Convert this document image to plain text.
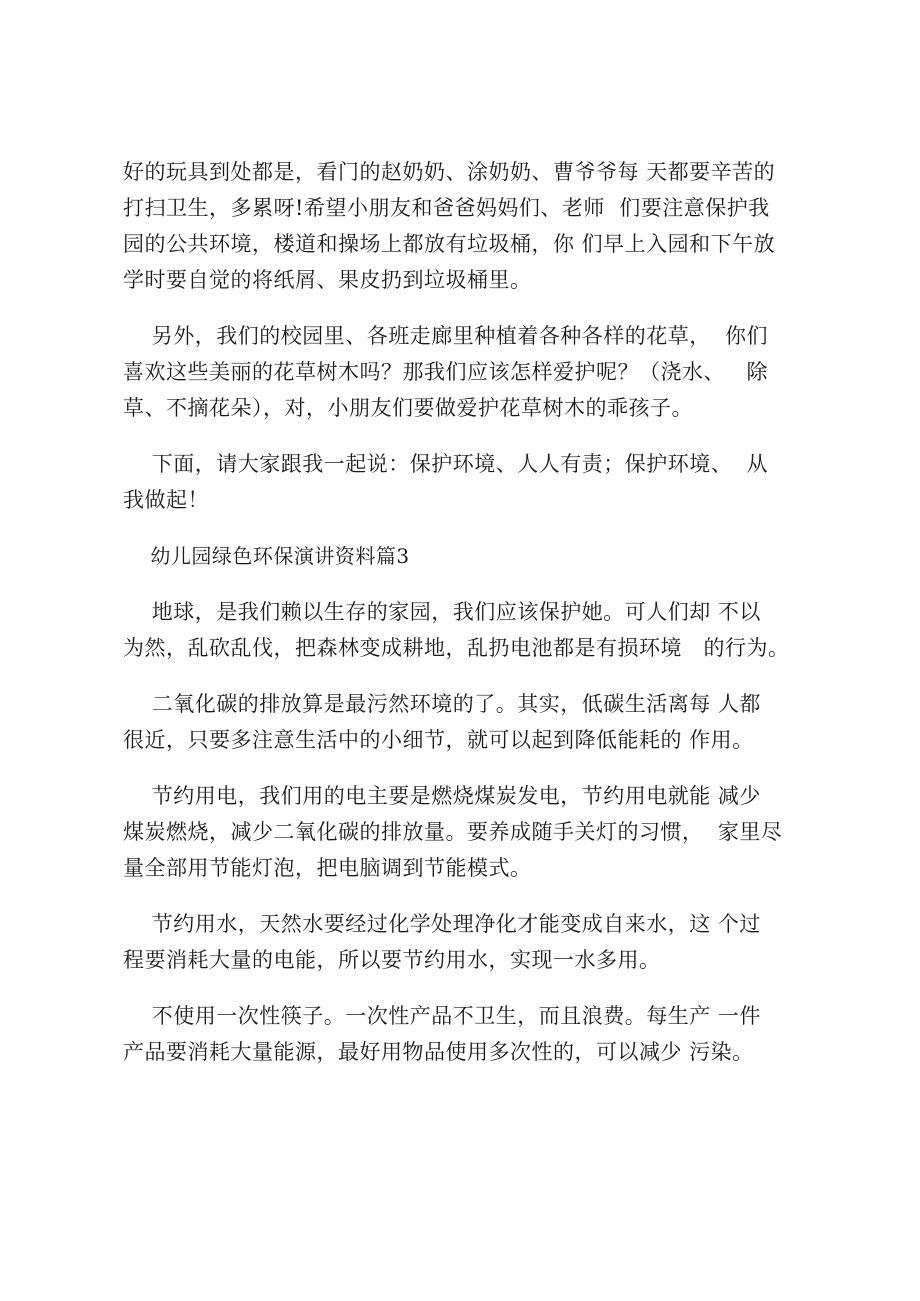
好的玩具到处都是，看门的赵奶奶、涂奶奶、曹爷爷每 天都要辛苦的
打扫卫生，多累呀!希望小朋友和爸爸妈妈们、老师  们要注意保护我
园的公共环境，楼道和操场上都放有垃圾桶，你 们早上入园和下午放
学时要自觉的将纸屑、果皮扔到垃圾桶里。
另外，我们的校园里、各班走廊里种植着各种各样的花草，  你们
喜欢这些美丽的花草树木吗？那我们应该怎样爱护呢？（浇水、   除
草、不摘花朵），对，小朋友们要做爱护花草树木的乖孩子。
下面，请大家跟我一起说：保护环境、人人有责；保护环境、  从
我做起！
幼儿园绿色环保演讲资料篇3
地球，是我们赖以生存的家园，我们应该保护她。可人们却 不以
为然，乱砍乱伐，把森林变成耕地，乱扔电池都是有损环境   的行为。
二氧化碳的排放算是最污然环境的了。其实，低碳生活离每 人都
很近，只要多注意生活中的小细节，就可以起到降低能耗的 作用。
节约用电，我们用的电主要是燃烧煤炭发电，节约用电就能 减少
煤炭燃烧，减少二氧化碳的排放量。要养成随手关灯的习惯，  家里尽
量全部用节能灯泡，把电脑调到节能模式。
节约用水，天然水要经过化学处理净化才能变成自来水，这 个过
程要消耗大量的电能，所以要节约用水，实现一水多用。
不使用一次性筷子。一次性产品不卫生，而且浪费。每生产 一件
产品要消耗大量能源，最好用物品使用多次性的，可以减少 污染。
